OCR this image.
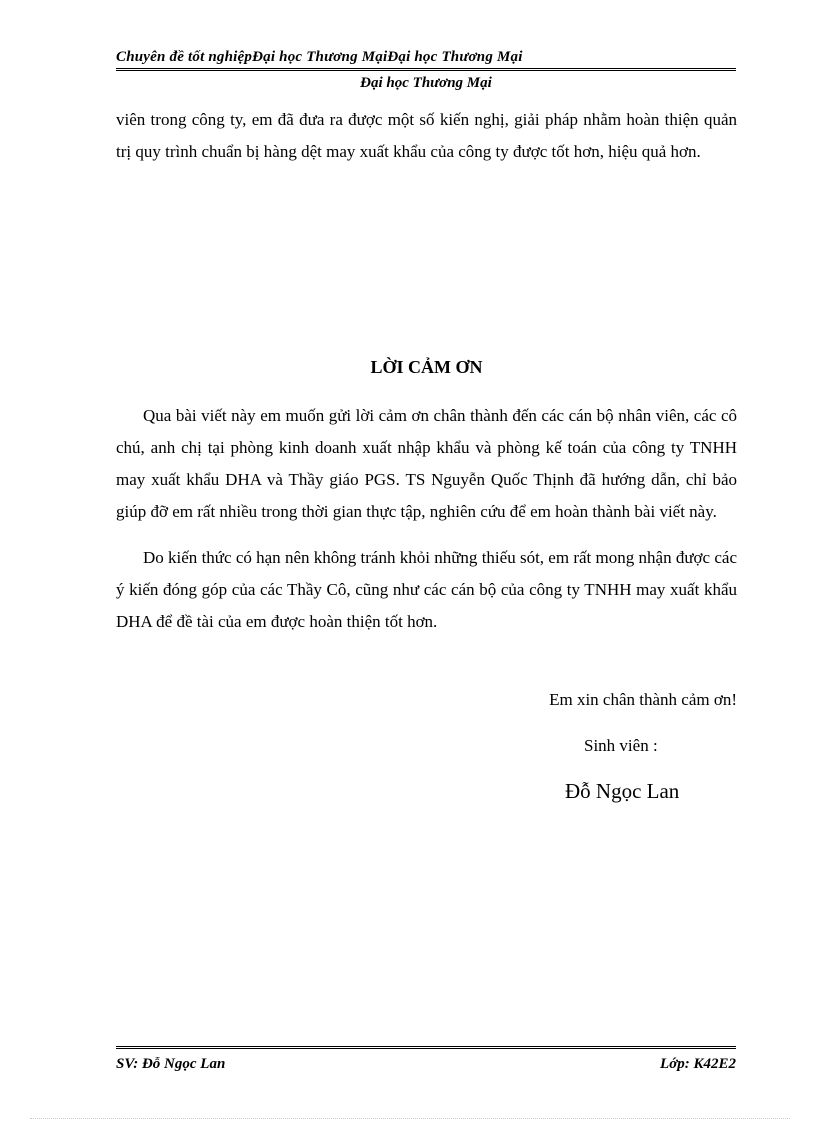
Chuyên đề tốt nghiệpĐại học Thương MạiĐại học Thương Mại
Đại học Thương Mại

viên trong công ty, em đã đưa ra được một số kiến nghị, giải pháp nhằm hoàn thiện quản trị quy trình chuẩn bị hàng dệt may xuất khẩu của công ty được tốt hơn, hiệu quả hơn.

LỜI CẢM ƠN

Qua bài viết này em muốn gửi lời cảm ơn chân thành đến các cán bộ nhân viên, các cô chú, anh chị tại phòng kinh doanh xuất nhập khẩu và phòng kế toán của công ty TNHH may xuất khẩu DHA và Thầy giáo PGS. TS Nguyễn Quốc Thịnh đã hướng dẫn, chỉ bảo giúp đỡ em rất nhiều trong thời gian thực tập, nghiên cứu để em hoàn thành bài viết này.

Do kiến thức có hạn nên không tránh khỏi những thiếu sót, em rất mong nhận được các ý kiến đóng góp của các Thầy Cô, cũng như các cán bộ của công ty TNHH may xuất khẩu DHA để đề tài của em được hoàn thiện tốt hơn.

Em xin chân thành cảm ơn!
Sinh viên :
Đỗ Ngọc Lan
SV: Đỗ Ngọc Lan	Lớp: K42E2
